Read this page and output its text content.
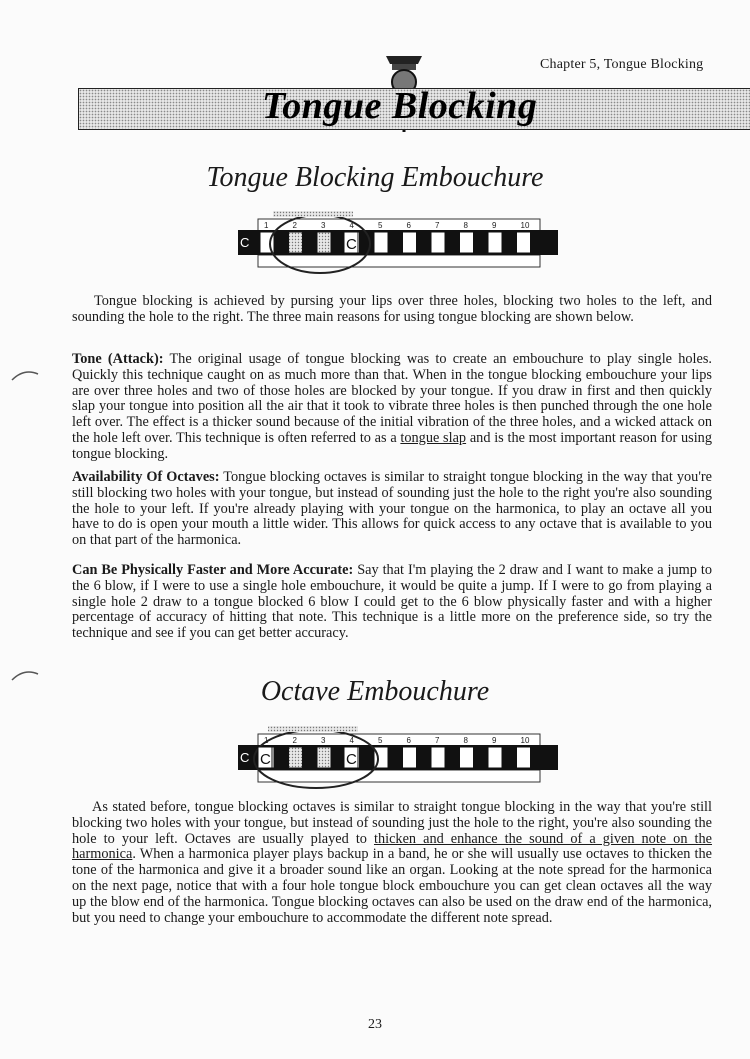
Chapter 5, Tongue Blocking
Tongue Blocking
Tongue Blocking Embouchure
1	2	3	4	5	6	7	8	9	10
C	C
Tongue blocking is achieved by pursing your lips over three holes, blocking two holes to the left, and sounding the hole to the right. The three main reasons for using tongue blocking are shown below.
Tone (Attack): The original usage of tongue blocking was to create an embouchure to play single holes. Quickly this technique caught on as much more than that. When in the tongue blocking embouchure your lips are over three holes and two of those holes are blocked by your tongue. If you draw in first and then quickly slap your tongue into position all the air that it took to vibrate three holes is then punched through the one hole left over. The effect is a thicker sound because of the initial vibration of the three holes, and a wicked attack on the hole left over. This technique is often referred to as a tongue slap and is the most important reason for using tongue blocking.
Availability Of Octaves: Tongue blocking octaves is similar to straight tongue blocking in the way that you're still blocking two holes with your tongue, but instead of sounding just the hole to the right you're also sounding the hole to your left. If you're already playing with your tongue on the harmonica, to play an octave all you have to do is open your mouth a little wider. This allows for quick access to any octave that is available to you on that part of the harmonica.
Can Be Physically Faster and More Accurate: Say that I'm playing the 2 draw and I want to make a jump to the 6 blow, if I were to use a single hole embouchure, it would be quite a jump. If I were to go from playing a single hole 2 draw to a tongue blocked 6 blow I could get to the 6 blow physically faster and with a higher percentage of accuracy of hitting that note. This technique is a little more on the preference side, so try the technique and see if you can get better accuracy.
Octave Embouchure
1	2	3	4	5	6	7	8	9	10
C C	C
As stated before, tongue blocking octaves is similar to straight tongue blocking in the way that you're still blocking two holes with your tongue, but instead of sounding just the hole to the right, you're also sounding the hole to your left. Octaves are usually played to thicken and enhance the sound of a given note on the harmonica. When a harmonica player plays backup in a band, he or she will usually use octaves to thicken the tone of the harmonica and give it a broader sound like an organ. Looking at the note spread for the harmonica on the next page, notice that with a four hole tongue block embouchure you can get clean octaves all the way up the blow end of the harmonica. Tongue blocking octaves can also be used on the draw end of the harmonica, but you need to change your embouchure to accommodate the different note spread.
23
